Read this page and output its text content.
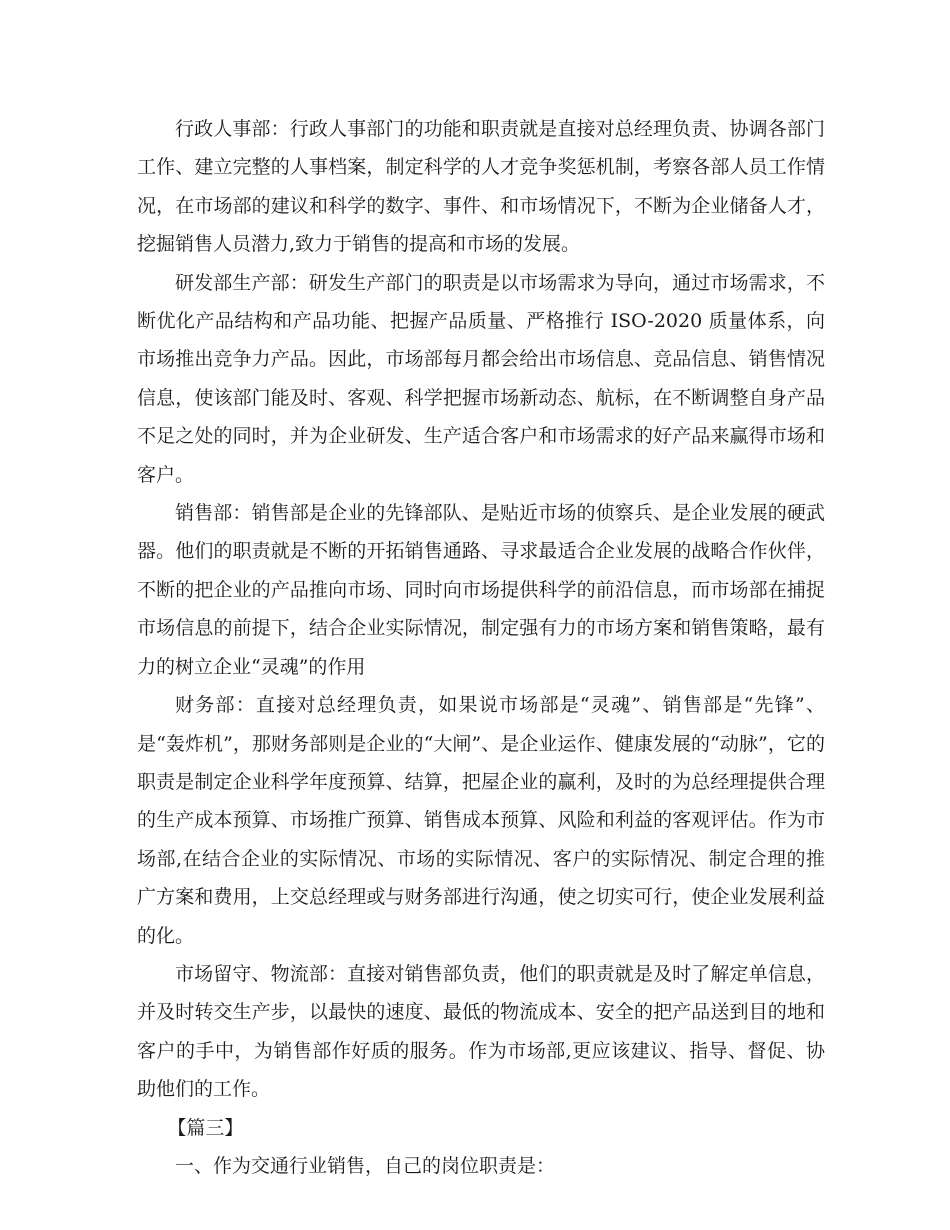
行政人事部：行政人事部门的功能和职责就是直接对总经理负责、协调各部门工作、建立完整的人事档案，制定科学的人才竞争奖惩机制，考察各部人员工作情况，在市场部的建议和科学的数字、事件、和市场情况下，不断为企业储备人才，挖掘销售人员潜力,致力于销售的提高和市场的发展。

研发部生产部：研发生产部门的职责是以市场需求为导向，通过市场需求，不断优化产品结构和产品功能、把握产品质量、严格推行 ISO-2020 质量体系，向市场推出竞争力产品。因此，市场部每月都会给出市场信息、竞品信息、销售情况信息，使该部门能及时、客观、科学把握市场新动态、航标，在不断调整自身产品不足之处的同时，并为企业研发、生产适合客户和市场需求的好产品来赢得市场和客户。

销售部：销售部是企业的先锋部队、是贴近市场的侦察兵、是企业发展的硬武器。他们的职责就是不断的开拓销售通路、寻求最适合企业发展的战略合作伙伴，不断的把企业的产品推向市场、同时向市场提供科学的前沿信息，而市场部在捕捉市场信息的前提下，结合企业实际情况，制定强有力的市场方案和销售策略，最有力的树立企业“灵魂”的作用

财务部：直接对总经理负责，如果说市场部是“灵魂”、销售部是“先锋”、是“轰炸机”，那财务部则是企业的“大闸”、是企业运作、健康发展的“动脉”，它的职责是制定企业科学年度预算、结算，把屋企业的赢利，及时的为总经理提供合理的生产成本预算、市场推广预算、销售成本预算、风险和利益的客观评估。作为市场部,在结合企业的实际情况、市场的实际情况、客户的实际情况、制定合理的推广方案和费用，上交总经理或与财务部进行沟通，使之切实可行，使企业发展利益的化。

市场留守、物流部：直接对销售部负责，他们的职责就是及时了解定单信息，并及时转交生产步，以最快的速度、最低的物流成本、安全的把产品送到目的地和客户的手中，为销售部作好质的服务。作为市场部,更应该建议、指导、督促、协助他们的工作。

【篇三】

一、作为交通行业销售，自己的岗位职责是：
